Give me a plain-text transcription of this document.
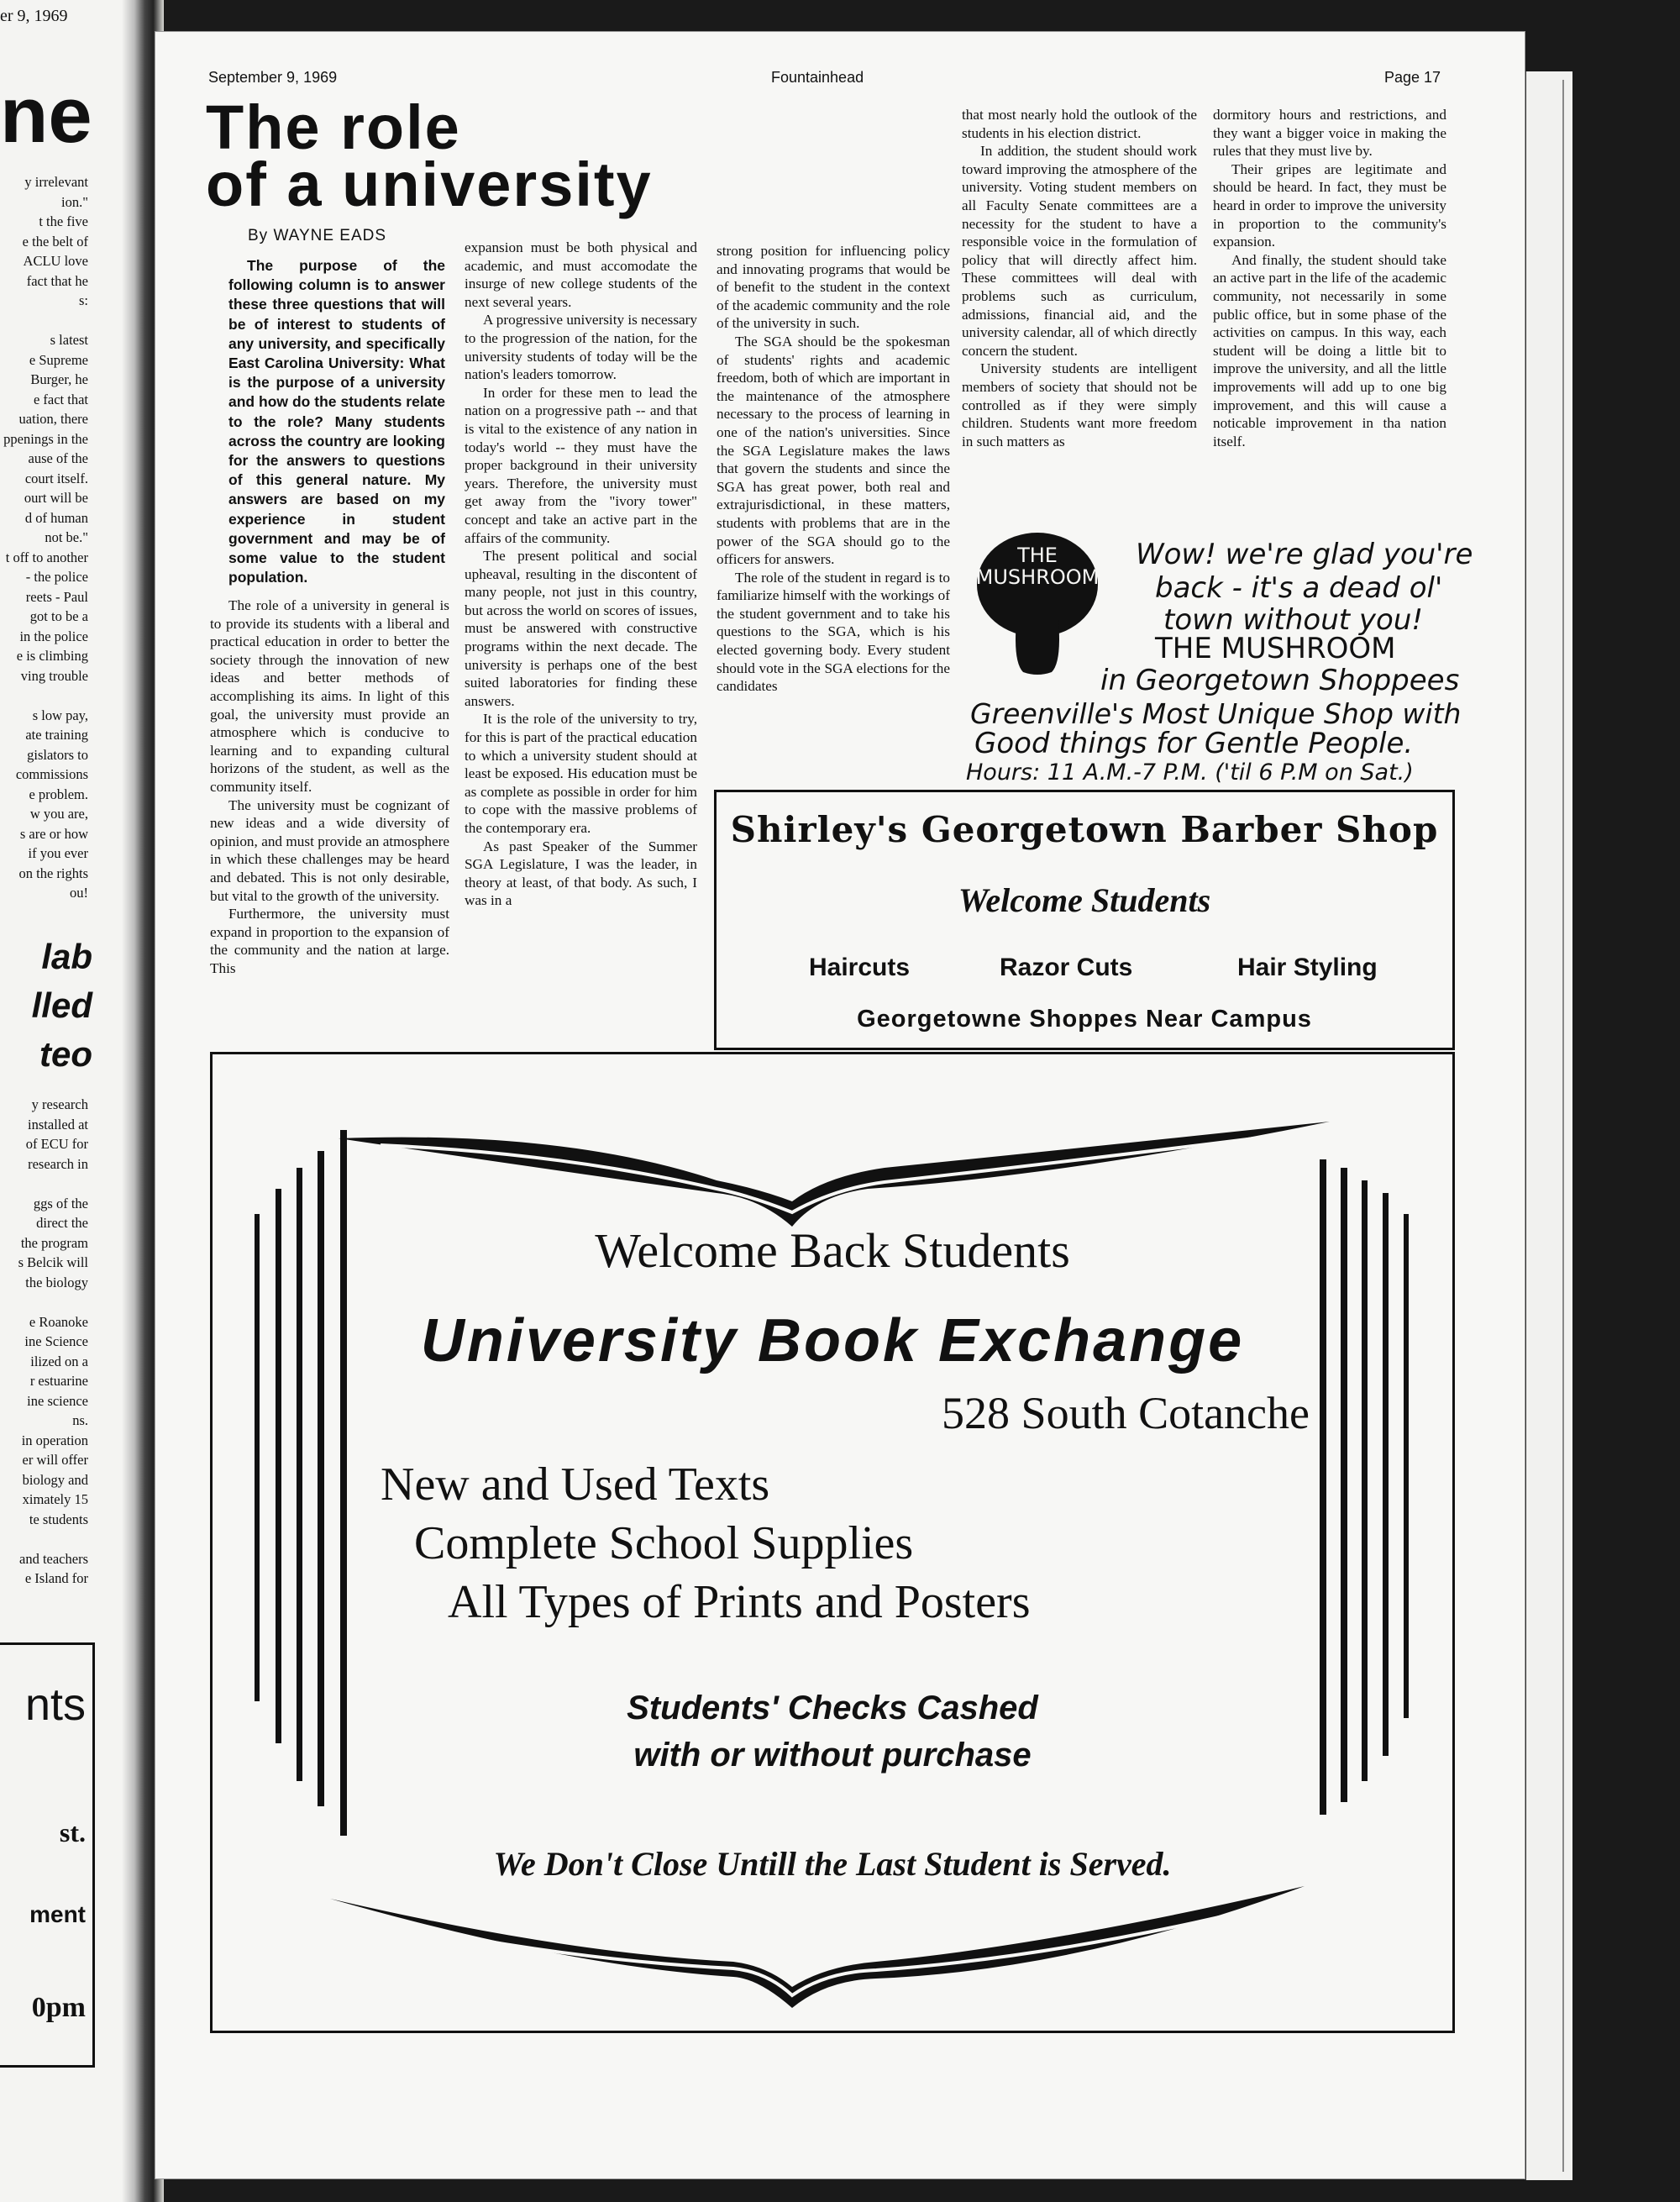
er 9, 1969
ne
y irrelevant
ion."
t the five
e the belt of
ACLU love
fact that he
s:

s latest
e Supreme
Burger, he
e fact that
uation, there
ppenings in the
ause of the
court itself.
ourt will be
d of human
not be."
t off to another
- the police
reets - Paul
got to be a
in the police
e is climbing
ving trouble

s low pay,
ate training
gislators to
commissions
e problem.
w you are,
s are or how
if you ever
on the rights
ou!
lab
lled
teo
y research
installed at
of ECU for
research in

ggs of the
direct the
the program
s Belcik will
the biology

e Roanoke
ine Science
ilized on a
r estuarine
ine science
ns.
in operation
er will offer
biology and
ximately 15
te students

and teachers
e Island for
nts
st.
ment
0pm
September 9, 1969	Fountainhead	Page 17
The role
of a university
By WAYNE EADS

The purpose of the following column is to answer these three questions that will be of interest to students of any university, and specifically East Carolina University: What is the purpose of a university and how do the students relate to the role? Many students across the country are looking for the answers to questions of this general nature. My answers are based on my experience in student government and may be of some value to the student population.

The role of a university in general is to provide its students with a liberal and practical education in order to better the society through the innovation of new ideas and better methods of accomplishing its aims. In light of this goal, the university must provide an atmosphere which is conducive to learning and to expanding cultural horizons of the student, as well as the community itself.

The university must be cognizant of new ideas and a wide diversity of opinion, and must provide an atmosphere in which these challenges may be heard and debated. This is not only desirable, but vital to the growth of the university.

Furthermore, the university must expand in proportion to the expansion of the community and the nation at large. This

expansion must be both physical and academic, and must accomodate the insurge of new college students of the next several years.

A progressive university is necessary to the progression of the nation, for the university students of today will be the nation's leaders tomorrow.

In order for these men to lead the nation on a progressive path -- and that is vital to the existence of any nation in today's world -- they must have the proper background in their university years. Therefore, the university must get away from the "ivory tower" concept and take an active part in the affairs of the community.

The present political and social upheaval, resulting in the discontent of many people, not just in this country, but across the world on scores of issues, must be answered with constructive programs within the next decade. The university is perhaps one of the best suited laboratories for finding these answers.

It is the role of the university to try, for this is part of the practical education to which a university student should at least be exposed. His education must be as complete as possible in order for him to cope with the massive problems of the contemporary era.

As past Speaker of the Summer SGA Legislature, I was the leader, in theory at least, of that body. As such, I was in a

strong position for influencing policy and innovating programs that would be of benefit to the student in the context of the academic community and the role of the university in such.

The SGA should be the spokesman of students' rights and academic freedom, both of which are important in the maintenance of the atmosphere necessary to the process of learning in one of the nation's universities. Since the SGA Legislature makes the laws that govern the students and since the SGA has great power, both real and extrajurisdictional, in these matters, students with problems that are in the power of the SGA should go to the officers for answers.

The role of the student in regard is to familiarize himself with the workings of the student government and to take his questions to the SGA, which is his elected governing body. Every student should vote in the SGA elections for the candidates

that most nearly hold the outlook of the students in his election district.

In addition, the student should work toward improving the atmosphere of the university. Voting student members on all Faculty Senate committees are a necessity for the student to have a responsible voice in the formulation of policy that will directly affect him. These committees will deal with problems such as curriculum, admissions, financial aid, and the university calendar, all of which directly concern the student.

University students are intelligent members of society that should not be controlled as if they were simply children. Students want more freedom in such matters as

dormitory hours and restrictions, and they want a bigger voice in making the rules that they must live by.

Their gripes are legitimate and should be heard. In fact, they must be heard in order to improve the university in proportion to the community's expansion.

And finally, the student should take an active part in the life of the academic community, not necessarily in some public office, but in some phase of the activities on campus. In this way, each student will be doing a little bit to improve the university, and all the little improvements will add up to one big improvement, and this will cause a noticable improvement in tha nation itself.

THE
MUSHROOM
Wow! we're glad you're
back - it's a dead ol'
town without you!
THE MUSHROOM
in Georgetown Shoppees
Greenville's Most Unique Shop with
Good things for Gentle People.
Hours: 11 A.M.-7 P.M. ('til 6 P.M on Sat.)
Shirley's Georgetown Barber Shop
Welcome Students
Haircuts	Razor Cuts	Hair Styling
Georgetowne Shoppes Near Campus
Welcome Back Students
University Book Exchange
528 South Cotanche
New and Used Texts
Complete School Supplies
All Types of Prints and Posters
Students' Checks Cashed
with or without purchase
We Don't Close Untill the Last Student is Served.
